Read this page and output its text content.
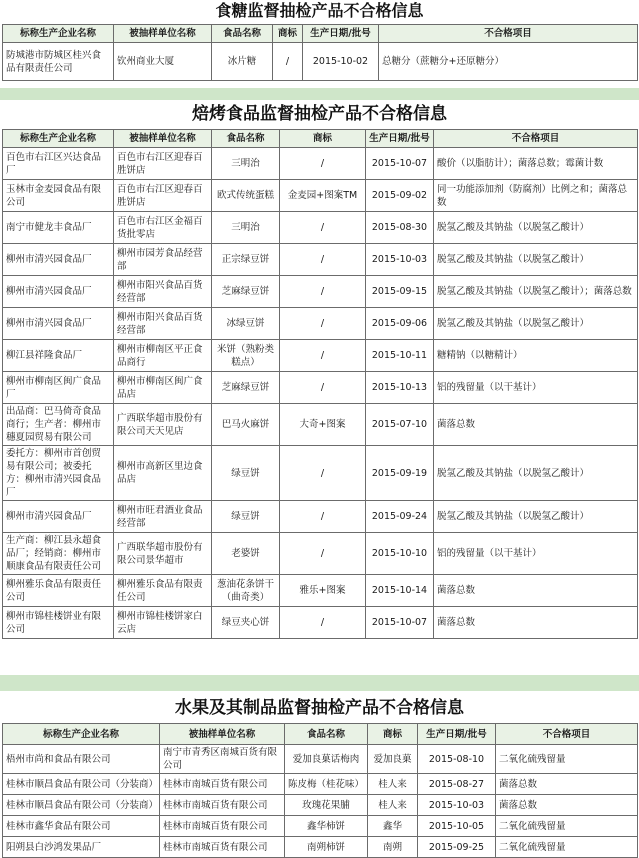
食糖监督抽检产品不合格信息
标称生产企业名称	被抽样单位名称	食品名称	商标	生产日期/批号	不合格项目
防城港市防城区桂兴食品有限责任公司	钦州商业大厦	冰片糖	/	2015-10-02	总糖分（蔗糖分+还原糖分）
焙烤食品监督抽检产品不合格信息
标称生产企业名称	被抽样单位名称	食品名称	商标	生产日期/批号	不合格项目
百色市右江区兴达食品厂	百色市右江区迎春百胜饼店	三明治	/	2015-10-07	酸价（以脂肪计）；菌落总数；霉菌计数
玉林市金麦园食品有限公司	百色市右江区迎春百胜饼店	欧式传统蛋糕	金麦园+图案TM	2015-09-02	同一功能添加剂（防腐剂）比例之和；菌落总数
南宁市健龙丰食品厂	百色市右江区金福百货批零店	三明治	/	2015-08-30	脱氢乙酸及其钠盐（以脱氢乙酸计）
柳州市清兴园食品厂	柳州市园芳食品经营部	正宗绿豆饼	/	2015-10-03	脱氢乙酸及其钠盐（以脱氢乙酸计）
柳州市清兴园食品厂	柳州市阳兴食品百货经营部	芝麻绿豆饼	/	2015-09-15	脱氢乙酸及其钠盐（以脱氢乙酸计）；菌落总数
柳州市清兴园食品厂	柳州市阳兴食品百货经营部	冰绿豆饼	/	2015-09-06	脱氢乙酸及其钠盐（以脱氢乙酸计）
柳江县祥隆食品厂	柳州市柳南区平正食品商行	米饼（熟粉类糕点）	/	2015-10-11	糖精钠（以糖精计）
柳州市柳南区闽广食品厂	柳州市柳南区闽广食品店	芝麻绿豆饼	/	2015-10-13	铝的残留量（以干基计）
出品商：巴马倚奇食品商行；生产者：柳州市穗夏园贸易有限公司	广西联华超市股份有限公司天天见店	巴马火麻饼	大奇+图案	2015-07-10	菌落总数
委托方：柳州市首创贸易有限公司；被委托方：柳州市清兴园食品厂	柳州市高新区里边食品店	绿豆饼	/	2015-09-19	脱氢乙酸及其钠盐（以脱氢乙酸计）
柳州市清兴园食品厂	柳州市旺君酒业食品经营部	绿豆饼	/	2015-09-24	脱氢乙酸及其钠盐（以脱氢乙酸计）
生产商：柳江县永超食品厂；经销商：柳州市顺康食品有限责任公司	广西联华超市股份有限公司景华超市	老婆饼	/	2015-10-10	铝的残留量（以干基计）
柳州雅乐食品有限责任公司	柳州雅乐食品有限责任公司	葱油花条饼干（曲奇类）	雅乐+图案	2015-10-14	菌落总数
柳州市锦桂楼饼业有限公司	柳州市锦桂楼饼家白云店	绿豆夹心饼	/	2015-10-07	菌落总数
水果及其制品监督抽检产品不合格信息
标称生产企业名称	被抽样单位名称	食品名称	商标	生产日期/批号	不合格项目
梧州市尚和食品有限公司	南宁市青秀区南城百货有限公司	爱加良菓话梅肉	爱加良菓	2015-08-10	二氧化硫残留量
桂林市顺昌食品有限公司（分装商）	桂林市南城百货有限公司	陈皮梅（桂花味）	桂人来	2015-08-27	菌落总数
桂林市顺昌食品有限公司（分装商）	桂林市南城百货有限公司	玫瑰花果脯	桂人来	2015-10-03	菌落总数
桂林市鑫华食品有限公司	桂林市南城百货有限公司	鑫华柿饼	鑫华	2015-10-05	二氧化硫残留量
阳朔县白沙鸿发果品厂	桂林市南城百货有限公司	南朔柿饼	南朔	2015-09-25	二氧化硫残留量
